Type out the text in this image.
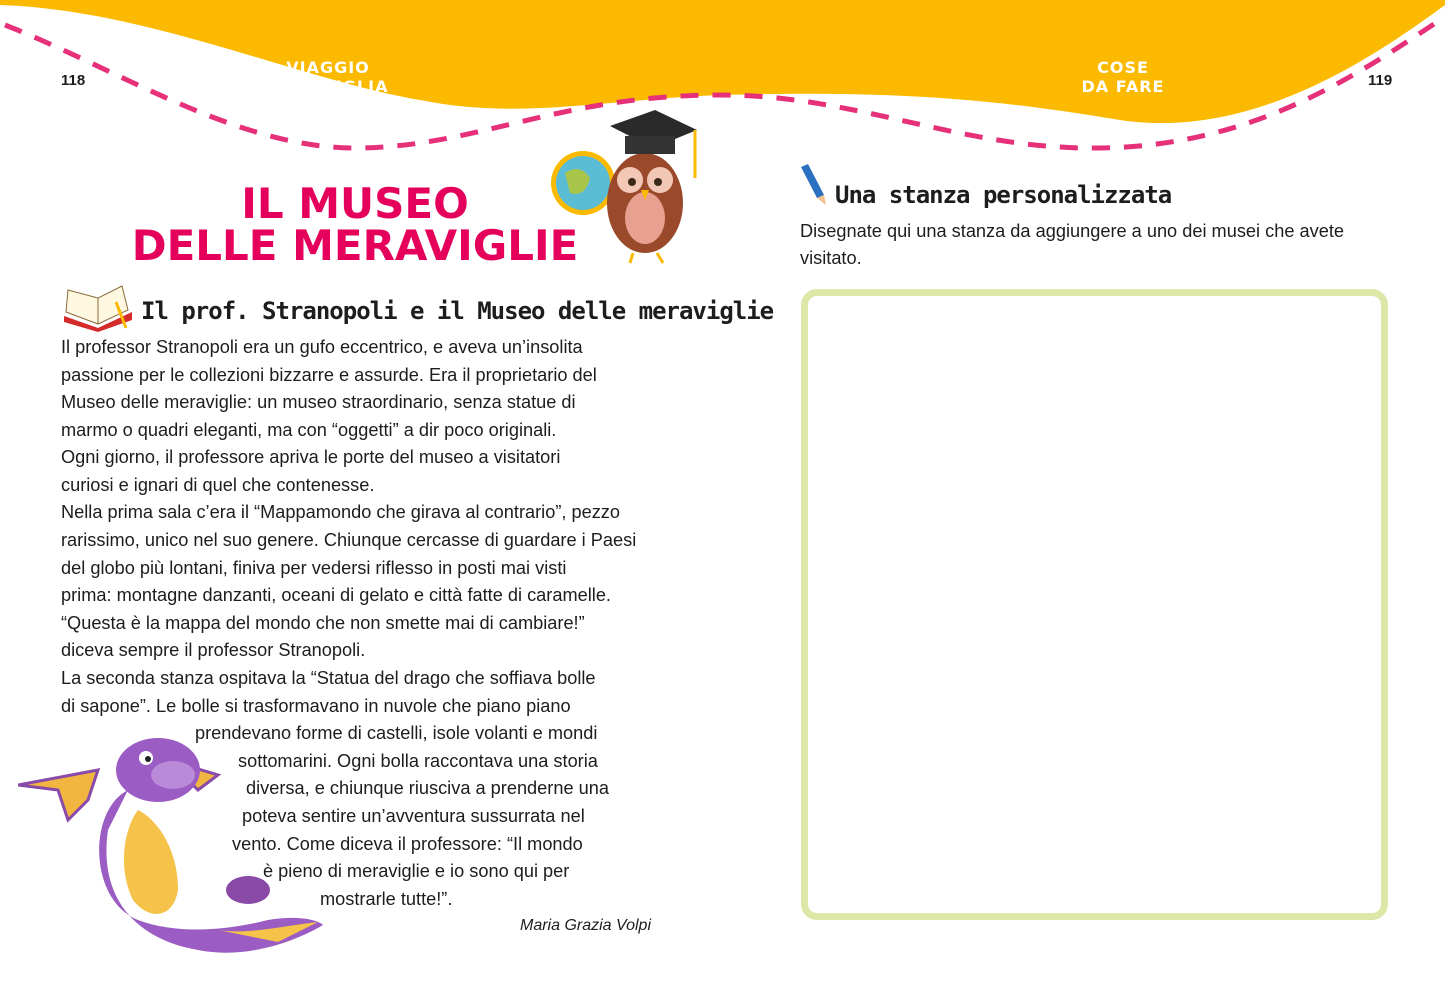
118	119
VIAGGIO
IN FAMIGLIA
COSE
DA FARE
IL MUSEO
DELLE MERAVIGLIE
Il prof. Stranopoli e il Museo delle meraviglie
Il professor Stranopoli era un gufo eccentrico, e aveva un’insolita
passione per le collezioni bizzarre e assurde. Era il proprietario del
Museo delle meraviglie: un museo straordinario, senza statue di
marmo o quadri eleganti, ma con “oggetti” a dir poco originali.
Ogni giorno, il professore apriva le porte del museo a visitatori
curiosi e ignari di quel che contenesse.
Nella prima sala c’era il “Mappamondo che girava al contrario”, pezzo
rarissimo, unico nel suo genere. Chiunque cercasse di guardare i Paesi
del globo più lontani, finiva per vedersi riflesso in posti mai visti
prima: montagne danzanti, oceani di gelato e città fatte di caramelle.
“Questa è la mappa del mondo che non smette mai di cambiare!”
diceva sempre il professor Stranopoli.
La seconda stanza ospitava la “Statua del drago che soffiava bolle
di sapone”. Le bolle si trasformavano in nuvole che piano piano
prendevano forme di castelli, isole volanti e mondi
sottomarini. Ogni bolla raccontava una storia
diversa, e chiunque riusciva a prenderne una
poteva sentire un’avventura sussurrata nel
vento. Come diceva il professore: “Il mondo
è pieno di meraviglie e io sono qui per
mostrarle tutte!”.
Maria Grazia Volpi
Una stanza personalizzata
Disegnate qui una stanza da aggiungere a uno dei musei che avete
visitato.
